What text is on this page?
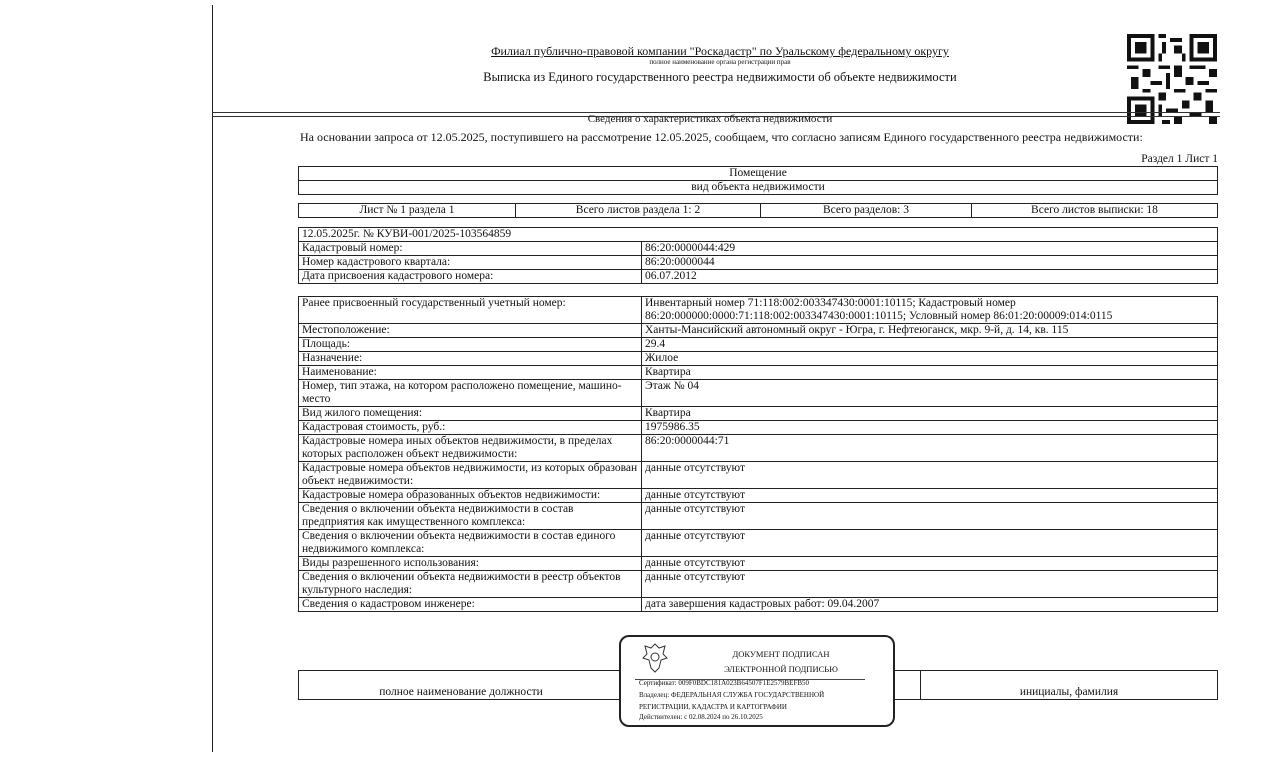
Филиал публично-правовой компании "Роскадастр" по Уральскому федеральному округу
полное наименование органа регистрации прав
Выписка из Единого государственного реестра недвижимости об объекте недвижимости
Сведения о характеристиках объекта недвижимости
На основании запроса от 12.05.2025, поступившего на рассмотрение 12.05.2025, сообщаем, что согласно записям Единого государственного реестра недвижимости:
Раздел 1 Лист 1
Помещение
вид объекта недвижимости
Лист № 1 раздела 1	Всего листов раздела 1: 2	Всего разделов: 3	Всего листов выписки: 18
12.05.2025г. № КУВИ-001/2025-103564859	
Кадастровый номер:	86:20:0000044:429
Номер кадастрового квартала:	86:20:0000044
Дата присвоения кадастрового номера:	06.07.2012
Ранее присвоенный государственный учетный номер:	Инвентарный номер 71:118:002:003347430:0001:10115; Кадастровый номер
86:20:000000:0000:71:118:002:003347430:0001:10115; Условный номер 86:01:20:00009:014:0115

Местоположение:	Ханты-Мансийский автономный округ - Югра, г. Нефтеюганск, мкр. 9-й, д. 14, кв. 115
Площадь:	29.4
Назначение:	Жилое
Наименование:	Квартира
Номер, тип этажа, на котором расположено помещение, машино-место	Этаж № 04
Вид жилого помещения:	Квартира
Кадастровая стоимость, руб.:	1975986.35
Кадастровые номера иных объектов недвижимости, в пределах которых расположен объект недвижимости:	86:20:0000044:71
Кадастровые номера объектов недвижимости, из которых образован объект недвижимости:	данные отсутствуют
Кадастровые номера образованных объектов недвижимости:	данные отсутствуют
Сведения о включении объекта недвижимости в состав предприятия как имущественного комплекса:	данные отсутствуют
Сведения о включении объекта недвижимости в состав единого недвижимого комплекса:	данные отсутствуют
Виды разрешенного использования:	данные отсутствуют
Сведения о включении объекта недвижимости в реестр объектов культурного наследия:	данные отсутствуют
Сведения о кадастровом инженере:	дата завершения кадастровых работ: 09.04.2007
полное наименование должности		инициалы, фамилия
ДОКУМЕНТ ПОДПИСАН
ЭЛЕКТРОННОЙ ПОДПИСЬЮ
Сертификат: 009F0BDC181A023B64507F1E2579BEFB50
Владелец: ФЕДЕРАЛЬНАЯ СЛУЖБА ГОСУДАРСТВЕННОЙ
РЕГИСТРАЦИИ, КАДАСТРА И КАРТОГРАФИИ
Действителен: с 02.08.2024 по 26.10.2025
